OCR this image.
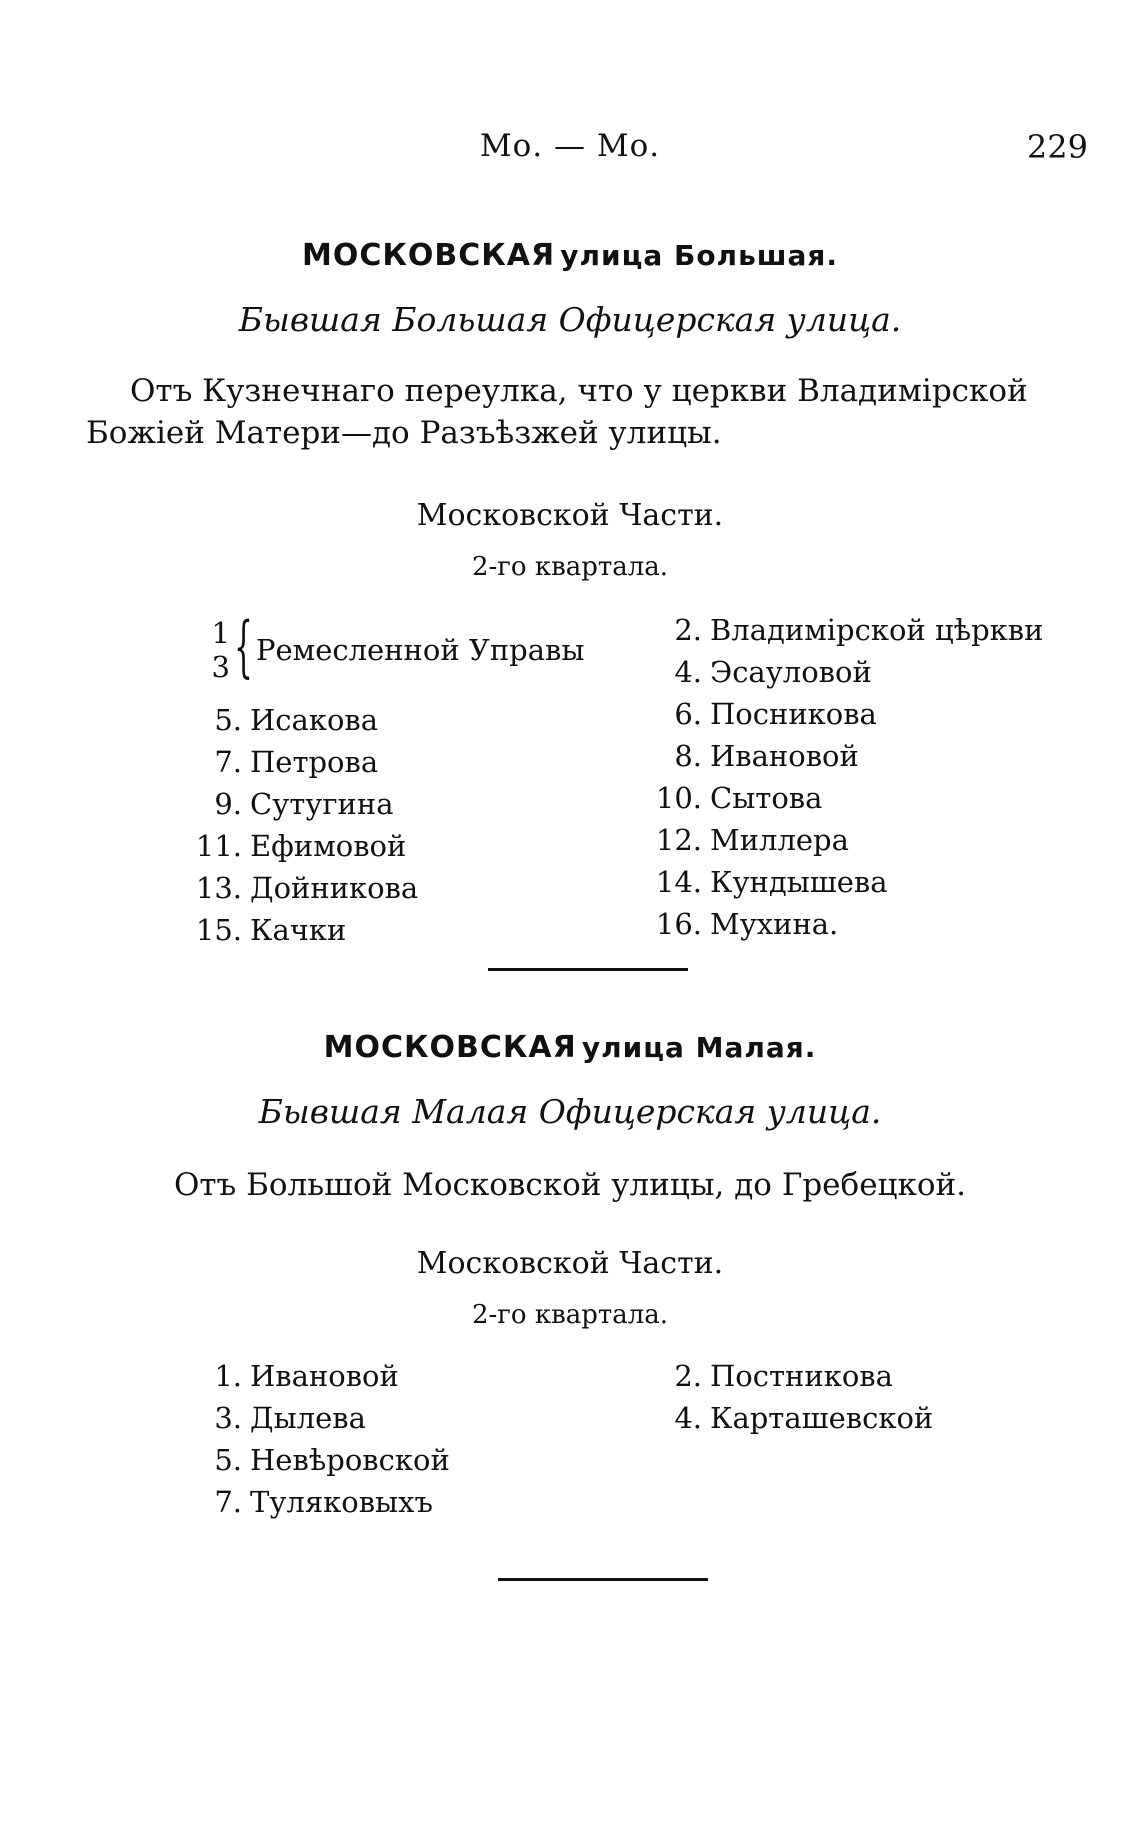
Мо. — Мо.	229
МОСКОВСКАЯ улица Большая.
Бывшая Большая Офицерская улица.
Отъ Кузнечнаго переулка, что у церкви Владимірской
Божіей Матери—до Разъѣзжей улицы.
Московской Части.
2-го квартала.
1
3 { Ремесленной Управы
5. Исакова
7. Петрова
9. Сутугина
11. Ефимовой
13. Дойникова
15. Качки
2. Владимірской цѣркви
4. Эсауловой
6. Посникова
8. Ивановой
10. Сытова
12. Миллера
14. Кундышева
16. Мухина.
МОСКОВСКАЯ улица Малая.
Бывшая Малая Офицерская улица.
Отъ Большой Московской улицы, до Гребецкой.
Московской Части.
2-го квартала.
1. Ивановой
3. Дылева
5. Невѣровской
7. Туляковыхъ
2. Постникова
4. Карташевской
